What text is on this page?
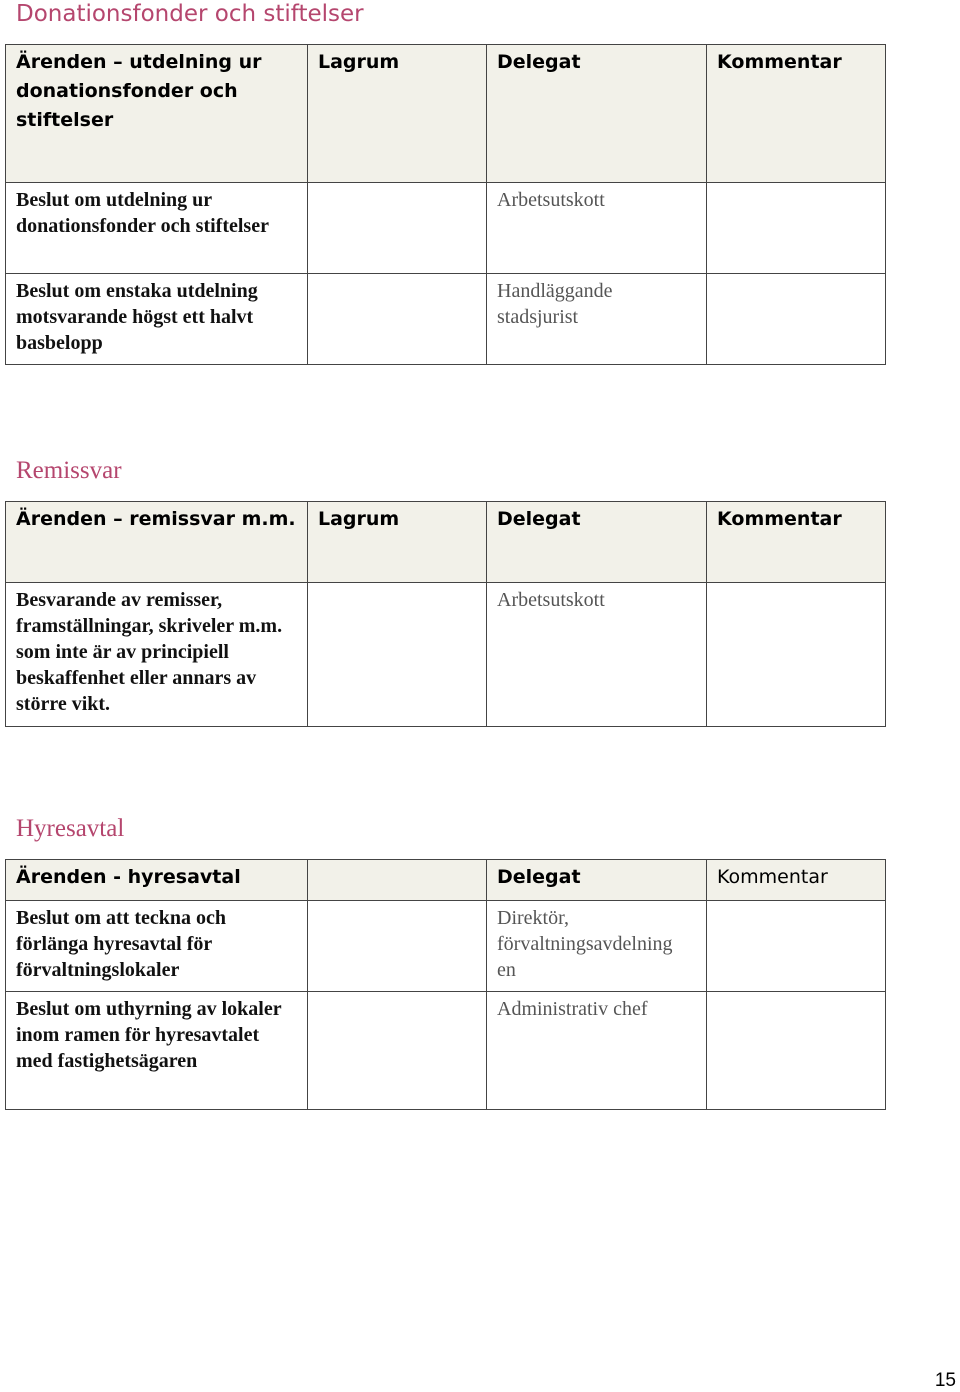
Donationsfonder och stiftelser
Ärenden – utdelning ur donationsfonder och stiftelser	Lagrum	Delegat	Kommentar
Beslut om utdelning ur donationsfonder och stiftelser		Arbetsutskott	
Beslut om enstaka utdelning motsvarande högst ett halvt basbelopp		Handläggande stadsjurist	
Remissvar
Ärenden – remissvar m.m.	Lagrum	Delegat	Kommentar
Besvarande av remisser, framställningar, skriveler m.m. som inte är av principiell beskaffenhet eller annars av större vikt.		Arbetsutskott	
Hyresavtal
Ärenden - hyresavtal		Delegat	Kommentar
Beslut om att teckna och förlänga hyresavtal för förvaltningslokaler		Direktör, förvaltningsavdelning en	
Beslut om uthyrning av lokaler inom ramen för hyresavtalet med fastighetsägaren		Administrativ chef	
15
